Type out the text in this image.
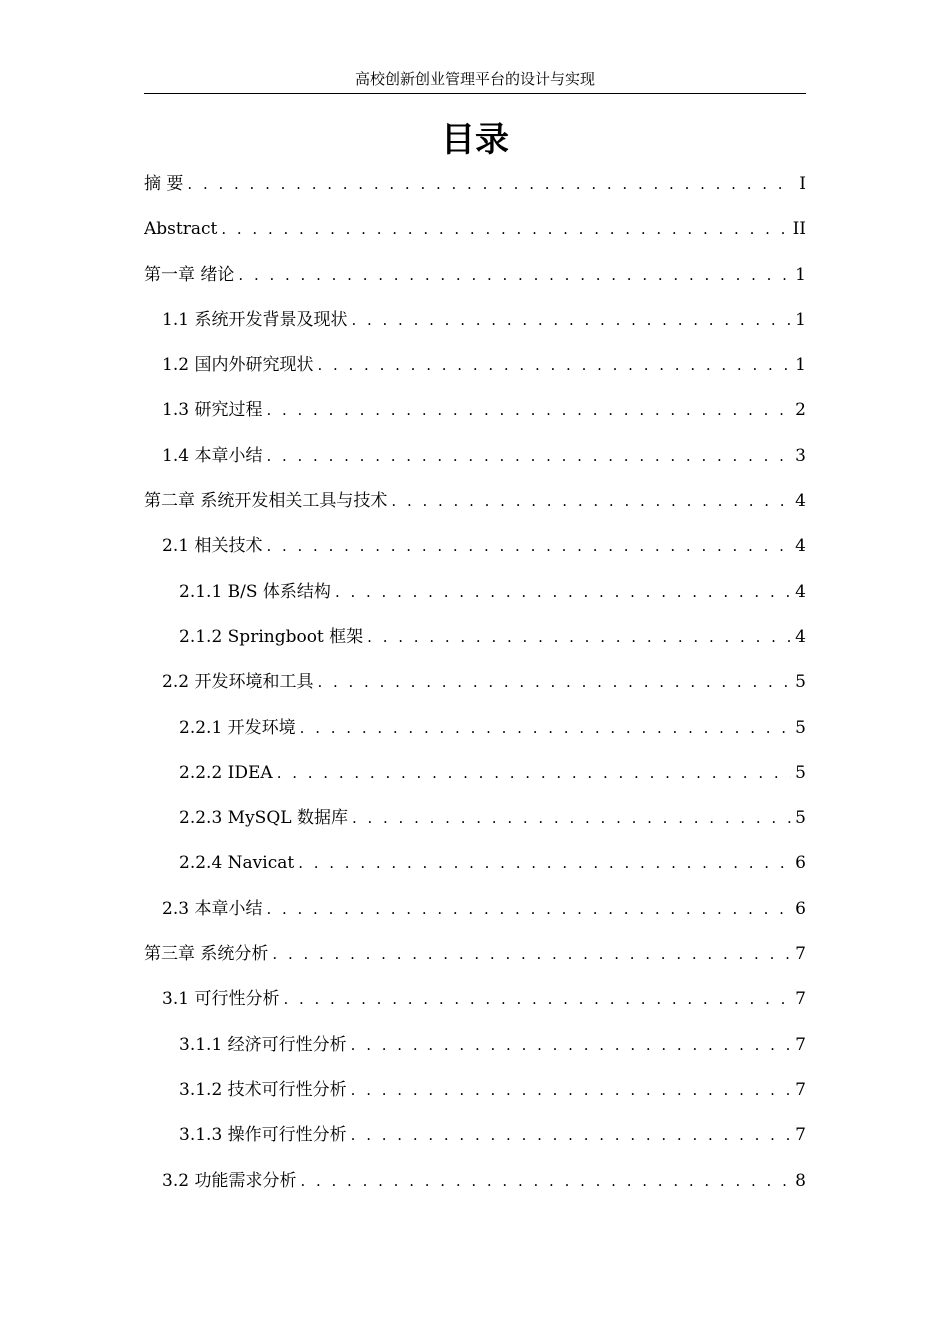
高校创新创业管理平台的设计与实现
目录
摘 要 . . .	I
Abstract . . .	II
第一章 绪论 . . .	1
1.1 系统开发背景及现状 . . .	1
1.2 国内外研究现状 . . .	1
1.3 研究过程 . . .	2
1.4 本章小结 . . .	3
第二章 系统开发相关工具与技术 . . .	4
2.1 相关技术 . . .	4
2.1.1 B/S 体系结构 . . .	4
2.1.2 Springboot 框架 . . .	4
2.2 开发环境和工具 . . .	5
2.2.1 开发环境 . . .	5
2.2.2 IDEA . . .	5
2.2.3 MySQL 数据库 . . .	5
2.2.4 Navicat . . .	6
2.3 本章小结 . . .	6
第三章 系统分析 . . .	7
3.1 可行性分析 . . .	7
3.1.1 经济可行性分析 . . .	7
3.1.2 技术可行性分析 . . .	7
3.1.3 操作可行性分析 . . .	7
3.2 功能需求分析 . . .	8
